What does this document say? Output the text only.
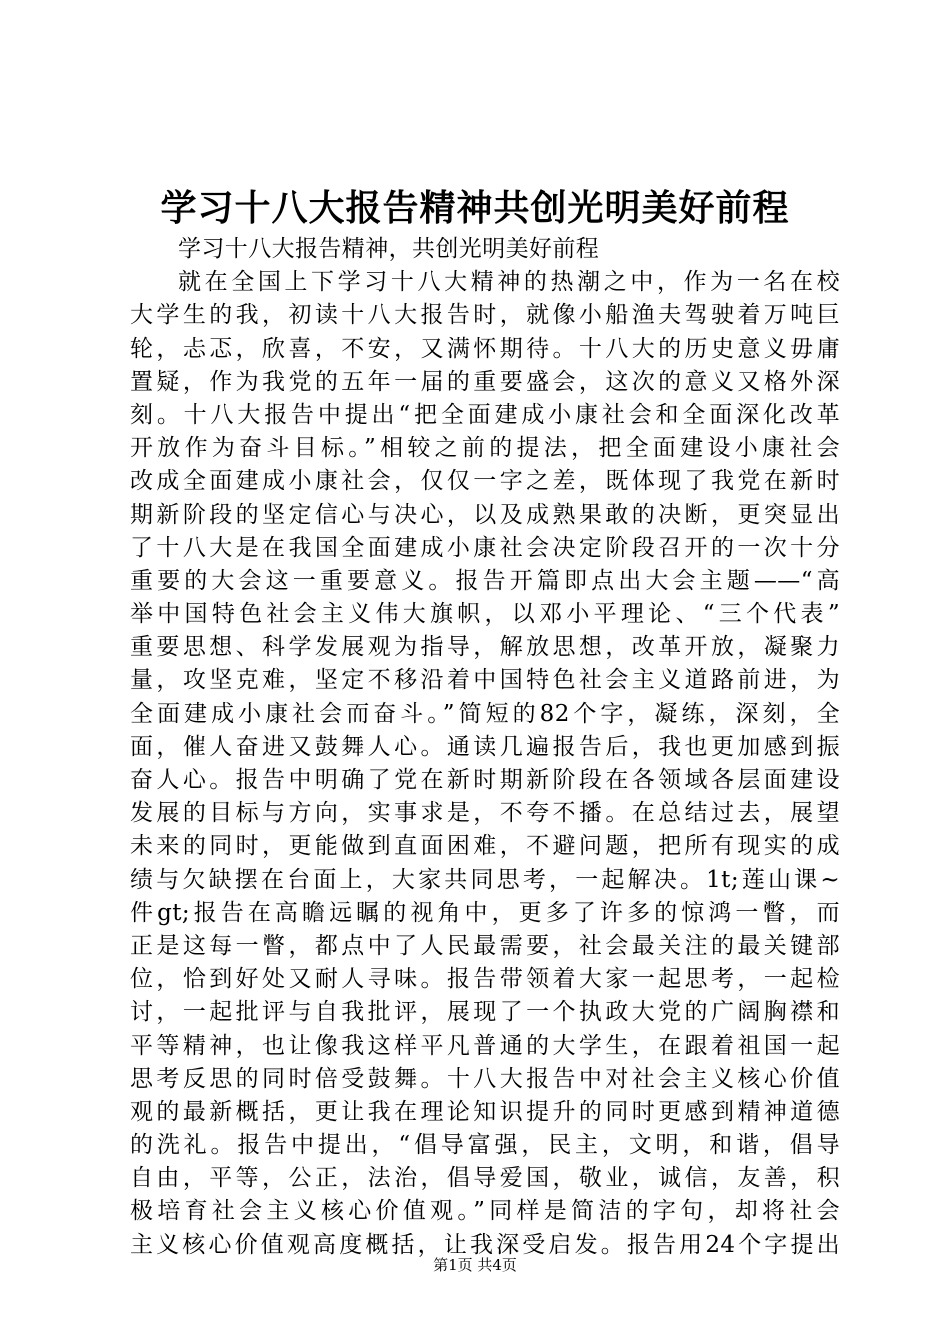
学习十八大报告精神共创光明美好前程
学习十八大报告精神，共创光明美好前程
就在全国上下学习十八大精神的热潮之中，作为一名在校
大学生的我，初读十八大报告时，就像小船渔夫驾驶着万吨巨
轮，忐忑，欣喜，不安，又满怀期待。十八大的历史意义毋庸
置疑，作为我党的五年一届的重要盛会，这次的意义又格外深
刻。十八大报告中提出“把全面建成小康社会和全面深化改革
开放作为奋斗目标。”相较之前的提法，把全面建设小康社会
改成全面建成小康社会，仅仅一字之差，既体现了我党在新时
期新阶段的坚定信心与决心，以及成熟果敢的决断，更突显出
了十八大是在我国全面建成小康社会决定阶段召开的一次十分
重要的大会这一重要意义。报告开篇即点出大会主题——“高
举中国特色社会主义伟大旗帜，以邓小平理论、“三个代表”
重要思想、科学发展观为指导，解放思想，改革开放，凝聚力
量，攻坚克难，坚定不移沿着中国特色社会主义道路前进，为
全面建成小康社会而奋斗。”简短的82个字，凝练，深刻，全
面，催人奋进又鼓舞人心。通读几遍报告后，我也更加感到振
奋人心。报告中明确了党在新时期新阶段在各领域各层面建设
发展的目标与方向，实事求是，不夸不播。在总结过去，展望
未来的同时，更能做到直面困难，不避问题，把所有现实的成
绩与欠缺摆在台面上，大家共同思考，一起解决。1t;莲山课~
件gt;报告在高瞻远瞩的视角中，更多了许多的惊鸿一瞥，而
正是这每一瞥，都点中了人民最需要，社会最关注的最关键部
位，恰到好处又耐人寻味。报告带领着大家一起思考，一起检
讨，一起批评与自我批评，展现了一个执政大党的广阔胸襟和
平等精神，也让像我这样平凡普通的大学生，在跟着祖国一起
思考反思的同时倍受鼓舞。十八大报告中对社会主义核心价值
观的最新概括，更让我在理论知识提升的同时更感到精神道德
的洗礼。报告中提出，“倡导富强，民主，文明，和谐，倡导
自由，平等，公正，法治，倡导爱国，敬业，诚信，友善，积
极培育社会主义核心价值观。”同样是简洁的字句，却将社会
主义核心价值观高度概括，让我深受启发。报告用24个字提出
第1页 共4页
